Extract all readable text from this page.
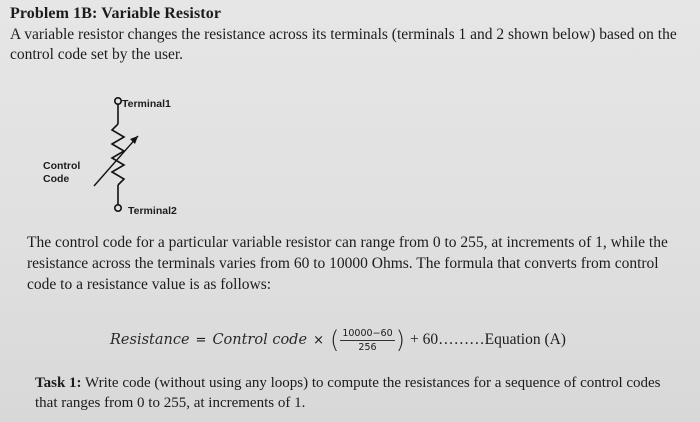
Problem 1B: Variable Resistor
A variable resistor changes the resistance across its terminals (terminals 1 and 2 shown below) based on the control code set by the user.
Terminal1
Terminal2
Control
Code
The control code for a particular variable resistor can range from 0 to 255, at increments of 1, while the resistance across the terminals varies from 60 to 10000 Ohms. The formula that converts from control code to a resistance value is as follows:
Resistance = Control code × ( $\frac{10000-60}{256}$ ) + 60………Equation (A)
Task 1: Write code (without using any loops) to compute the resistances for a sequence of control codes that ranges from 0 to 255, at increments of 1.
